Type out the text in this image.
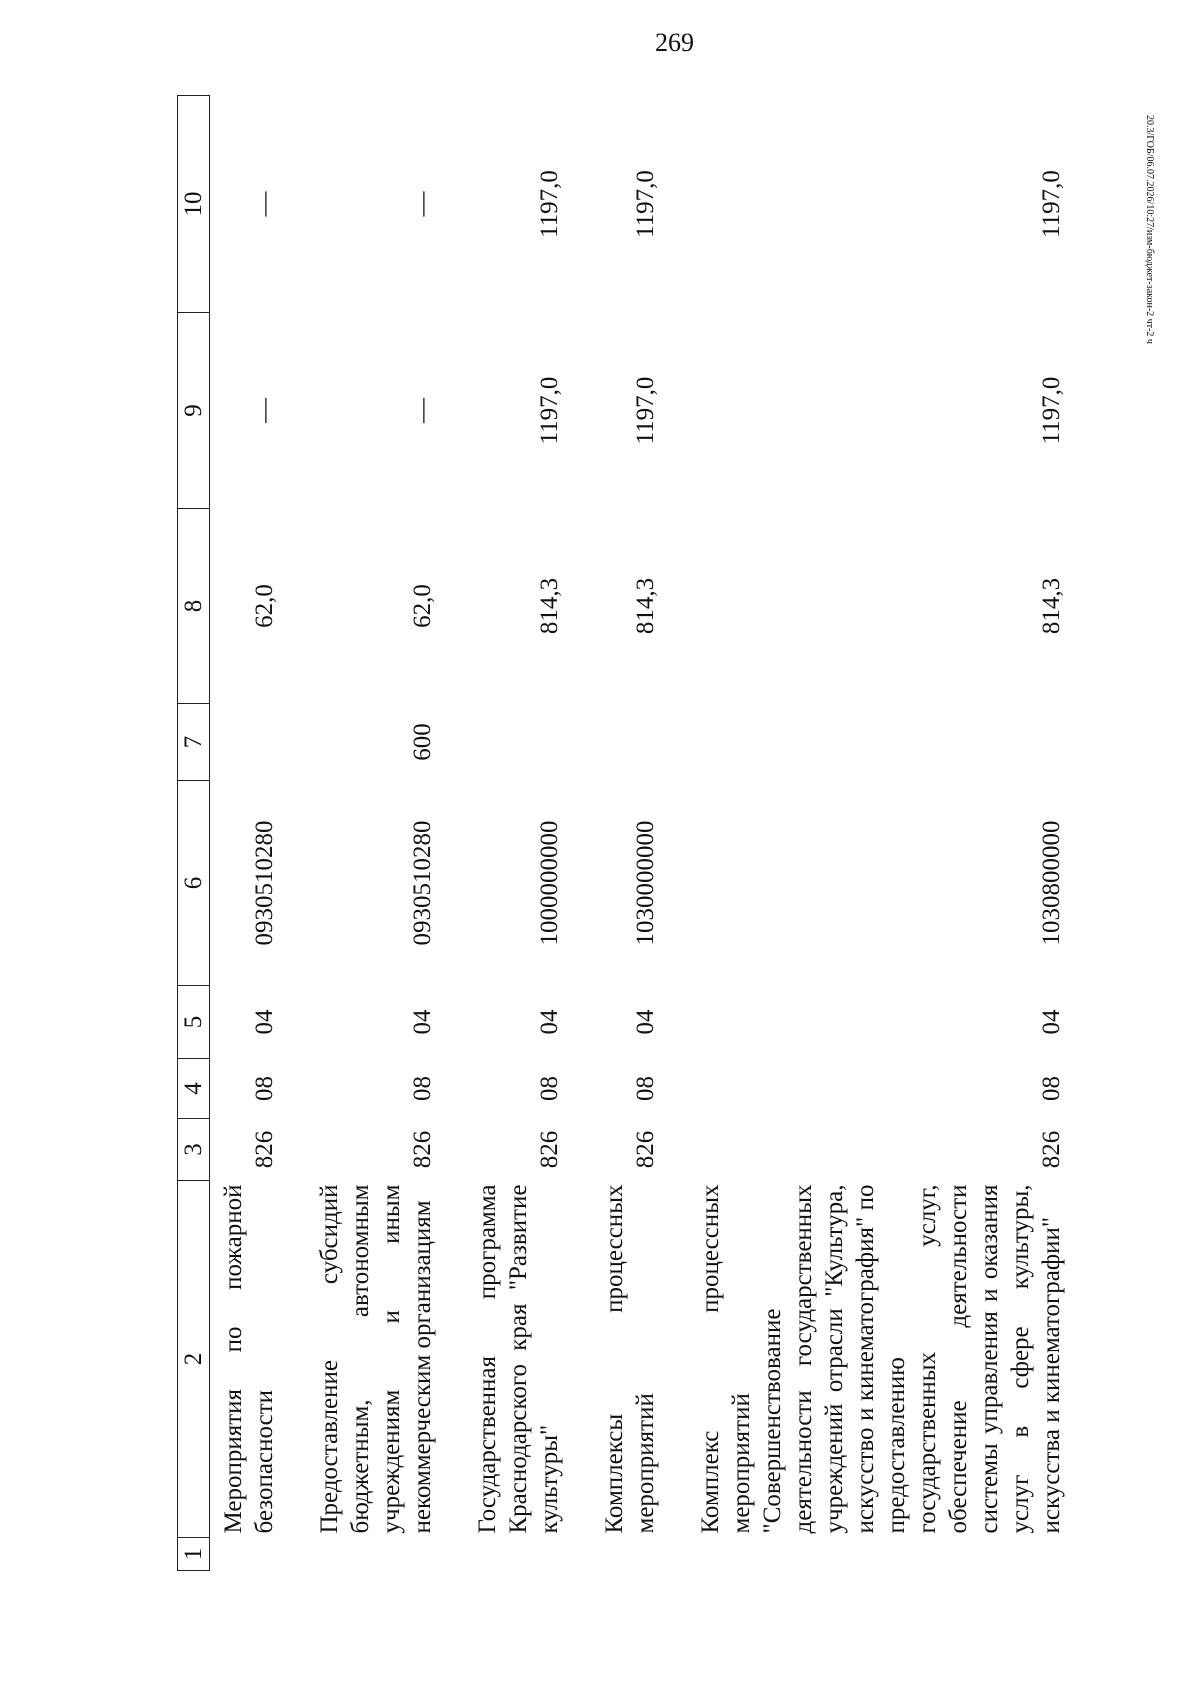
269
20.3/ГОБ/06.07.2026/10:27/изм-бюджет-закон-2 чт-2 ч
1	2	3	4	5	6	7	8	9	10
	Мероприятия по пожарной безопасности	826	08	04	0930510280		62,0	—	—

	Предоставление субсидий бюджетным, автономным учреждениям и иным некоммерческим организациям	826	08	04	0930510280	600	62,0	—	—

	Государственная программа Краснодарского края "Развитие культуры"	826	08	04	1000000000		814,3	1197,0	1197,0

	Комплексы процессных мероприятий	826	08	04	1030000000		814,3	1197,0	1197,0

	Комплекс процессных мероприятий "Совершенствование деятельности государственных учреждений отрасли "Культура, искусство и кинематография" по предоставлению государственных услуг, обеспечение деятельности системы управления и оказания услуг в сфере культуры, искусства и кинематографии"	826	08	04	1030800000		814,3	1197,0	1197,0
